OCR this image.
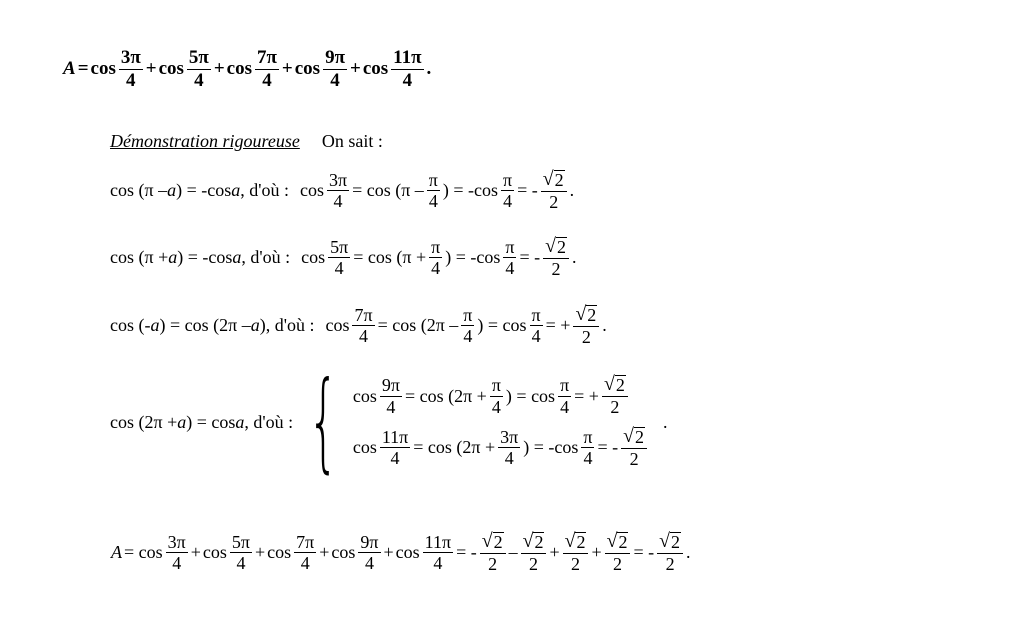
$A = \cos \frac{3\pi}{4} + \cos \frac{5\pi}{4} + \cos \frac{7\pi}{4} + \cos \frac{9\pi}{4} + \cos \frac{11\pi}{4}$ .
Démonstration rigoureuse On sait :
cos (π – a ) = -cos a , d'où : $\cos \frac{3\pi}{4} = \cos (\pi - \frac{\pi}{4}$ ) = $-\cos \frac{\pi}{4}$ = - $\frac{√ 2}{2}$ .
cos (π + a ) = -cos a , d'où : $\cos \frac{5\pi}{4} = \cos (\pi + \frac{\pi}{4}$ ) = $-\cos \frac{\pi}{4}$ = - $\frac{√ 2}{2}$ .
cos (- a ) = cos (2π – a ) , d'où : $\cos \frac{7\pi}{4} = \cos (2\pi - \frac{\pi}{4}$ ) = $\cos \frac{\pi}{4}$ = + $\frac{√ 2}{2}$ .
cos (2π + a ) = cos a , d'où : { $\cos \frac{9\pi}{4} = \cos (2\pi + \frac{\pi}{4}$ ) = $\cos \frac{\pi}{4}$ = + $\frac{√ 2}{2}$
$\cos \frac{11\pi}{4} = \cos (2\pi + \frac{3\pi}{4}$ ) = $-\cos \frac{\pi}{4}$ = - $\frac{√ 2}{2}$
.
$A = \cos \frac{3\pi}{4} + \cos \frac{5\pi}{4} + \cos \frac{7\pi}{4} + \cos \frac{9\pi}{4} + \cos \frac{11\pi}{4}$ = - $\frac{√ 2}{2} - \frac{√ 2}{2} + \frac{√ 2}{2} + \frac{√ 2}{2}$ = - $\frac{√ 2}{2}$ .
